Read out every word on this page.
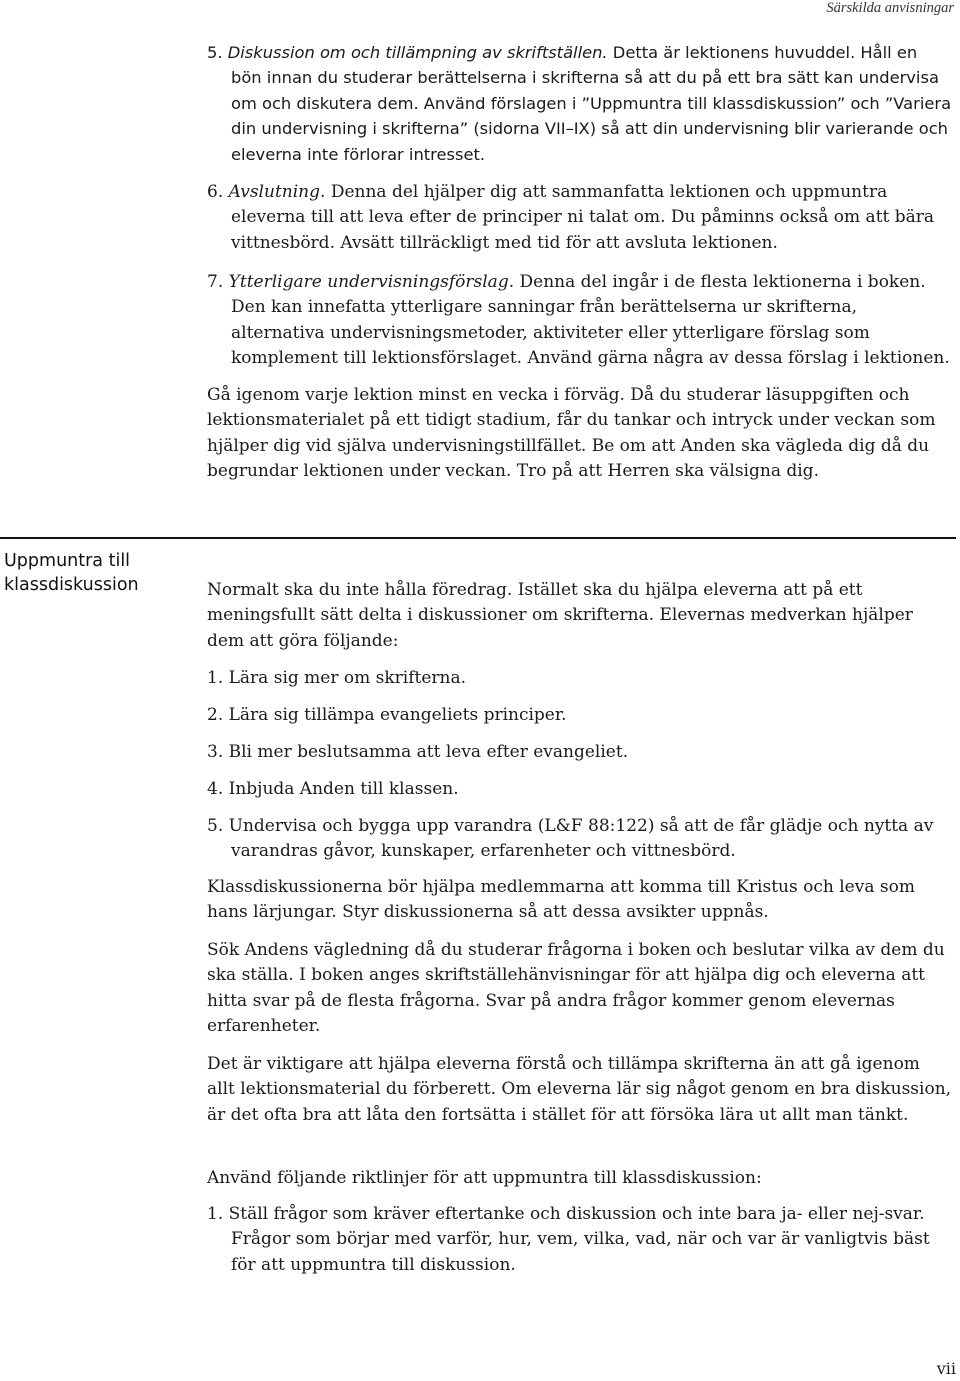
Särskilda anvisningar

5. Diskussion om och tillämpning av skriftställen. Detta är lektionens huvuddel. Håll en bön innan du studerar berättelserna i skrifterna så att du på ett bra sätt kan undervisa om och diskutera dem. Använd förslagen i ”Uppmuntra till klassdiskussion” och ”Variera din undervisning i skrifterna” (sidorna VII–IX) så att din undervisning blir varierande och eleverna inte förlorar intresset.

6. Avslutning. Denna del hjälper dig att sammanfatta lektionen och uppmuntra eleverna till att leva efter de principer ni talat om. Du påminns också om att bära vittnesbörd. Avsätt tillräckligt med tid för att avsluta lektionen.

7. Ytterligare undervisningsförslag. Denna del ingår i de flesta lektionerna i boken. Den kan innefatta ytterligare sanningar från berättelserna ur skrifterna, alternativa undervisningsmetoder, aktiviteter eller ytterligare förslag som komplement till lektionsförslaget. Använd gärna några av dessa förslag i lektionen.

Gå igenom varje lektion minst en vecka i förväg. Då du studerar läsuppgiften och lektionsmaterialet på ett tidigt stadium, får du tankar och intryck under veckan som hjälper dig vid själva undervisningstillfället. Be om att Anden ska vägleda dig då du begrundar lektionen under veckan. Tro på att Herren ska välsigna dig.

Uppmuntra till klassdiskussion	Normalt ska du inte hålla föredrag. Istället ska du hjälpa eleverna att på ett meningsfullt sätt delta i diskussioner om skrifterna. Elevernas medverkan hjälper dem att göra följande:

1. Lära sig mer om skrifterna.

2. Lära sig tillämpa evangeliets principer.

3. Bli mer beslutsamma att leva efter evangeliet.

4. Inbjuda Anden till klassen.

5. Undervisa och bygga upp varandra (L&F 88:122) så att de får glädje och nytta av varandras gåvor, kunskaper, erfarenheter och vittnesbörd.

Klassdiskussionerna bör hjälpa medlemmarna att komma till Kristus och leva som hans lärjungar. Styr diskussionerna så att dessa avsikter uppnås.

Sök Andens vägledning då du studerar frågorna i boken och beslutar vilka av dem du ska ställa. I boken anges skriftställehänvisningar för att hjälpa dig och eleverna att hitta svar på de flesta frågorna. Svar på andra frågor kommer genom elevernas erfarenheter.

Det är viktigare att hjälpa eleverna förstå och tillämpa skrifterna än att gå igenom allt lektionsmaterial du förberett. Om eleverna lär sig något genom en bra diskussion, är det ofta bra att låta den fortsätta i stället för att försöka lära ut allt man tänkt.

Använd följande riktlinjer för att uppmuntra till klassdiskussion:

1. Ställ frågor som kräver eftertanke och diskussion och inte bara ja- eller nej-svar. Frågor som börjar med varför, hur, vem, vilka, vad, när och var är vanligtvis bäst för att uppmuntra till diskussion.

vii
